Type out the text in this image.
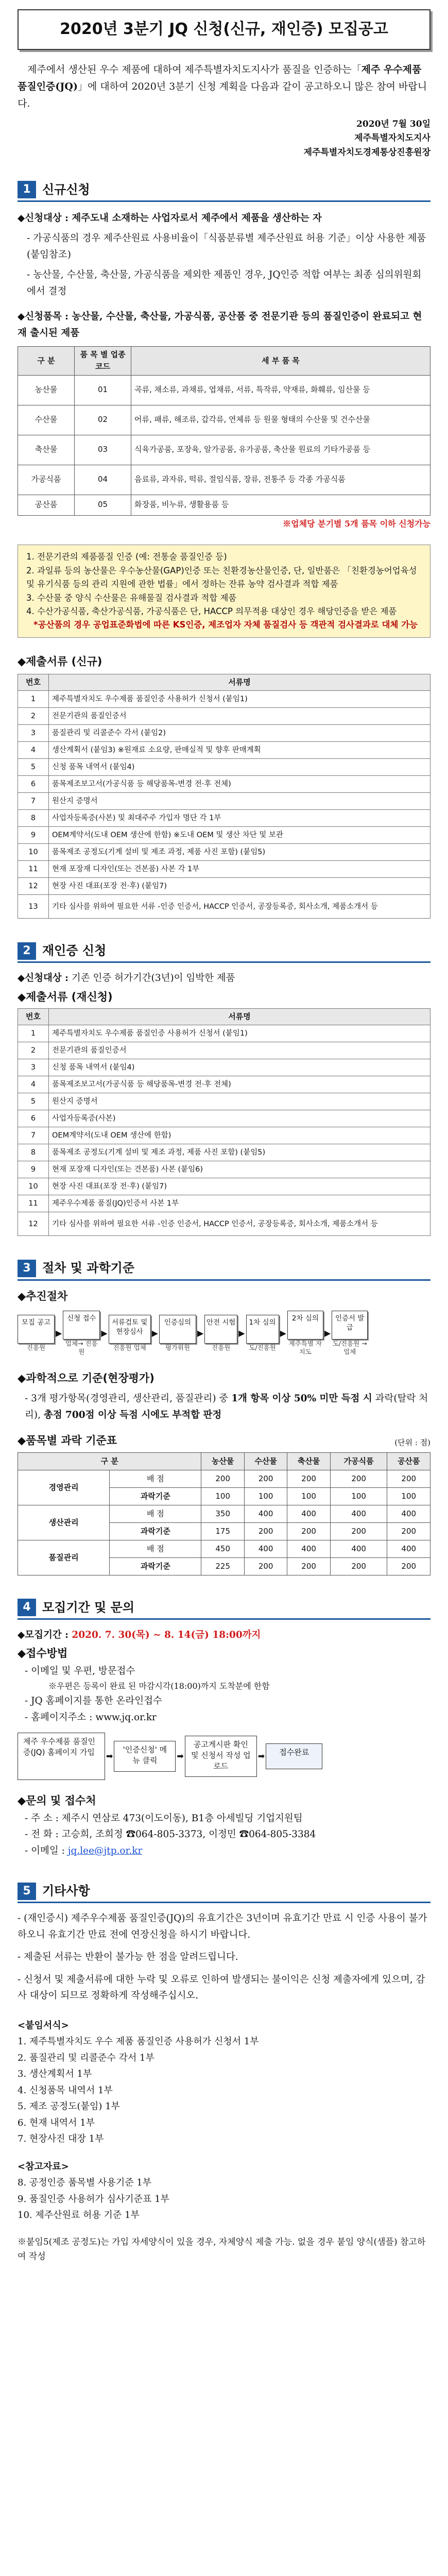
2020년 3분기 JQ 신청(신규, 재인증) 모집공고
제주에서 생산된 우수 제품에 대하여 제주특별자치도지사가 품질을 인증하는「제주 우수제품 품질인증(JQ)」에 대하여 2020년 3분기 신청 계획을 다음과 같이 공고하오니 많은 참여 바랍니다.
2020년 7월 30일
제주특별자치도지사
제주특별자치도경제통상진흥원장
1 신규신청
◆신청대상 : 제주도내 소재하는 사업자로서 제주에서 제품을 생산하는 자
- 가공식품의 경우 제주산원료 사용비율이「식품분류별 제주산원료 허용 기준」이상 사용한 제품(붙임참조)
- 농산물, 수산물, 축산물, 가공식품을 제외한 제품인 경우, JQ인증 적합 여부는 최종 심의위원회에서 결정
◆신청품목 : 농산물, 수산물, 축산물, 가공식품, 공산품 중 전문기관 등의 품질인증이 완료되고 현재 출시된 제품
구 분	품 목 별 업종코드	세 부 품 목
농산물	01	곡류, 채소류, 과채류, 엽채류, 서류, 특작류, 약재류, 화훼류, 임산물 등
수산물	02	어류, 패류, 해조류, 갑각류, 연체류 등 원물 형태의 수산물 및 건수산물
축산물	03	식육가공품, 포장육, 알가공품, 유가공품, 축산물 원료의 기타가공품 등
가공식품	04	음료류, 과자류, 떡류, 절임식품, 장류, 전통주 등 각종 가공식품
공산품	05	화장품, 비누류, 생활용품 등
※업체당 분기별 5개 품목 이하 신청가능
1. 전문기관의 제품품질 인증 (예: 전통술 품질인증 등)
2. 과일류 등의 농산물은 우수농산물(GAP)인증 또는 친환경농산물인증, 단, 일반품은 「친환경농어업육성 및 유기식품 등의 관리 지원에 관한 법률」에서 정하는 잔류 농약 검사결과 적합 제품
3. 수산물 중 양식 수산물은 유해물질 검사결과 적합 제품
4. 수산가공식품, 축산가공식품, 가공식품은 단, HACCP 의무적용 대상인 경우 해당인증을 받은 제품
*공산품의 경우 공업표준화법에 따른 KS인증, 제조업자 자체 품질검사 등 객관적 검사결과로 대체 가능
◆제출서류 (신규)
번호	서류명
1	제주특별자치도 우수제품 품질인증 사용허가 신청서 (붙임1)
2	전문기관의 품질인증서
3	품질관리 및 리콜준수 각서 (붙임2)
4	생산계획서 (붙임3) ※원재료 소요량, 판매실적 및 향후 판매계획
5	신청 품목 내역서 (붙임4)
6	품목제조보고서(가공식품 등 해당품목-변경 전·후 전체)
7	원산지 증명서
8	사업자등록증(사본) 및 최대주주 가입자 명단 각 1부
9	OEM계약서(도내 OEM 생산에 한함) ※도내 OEM 및 생산 차단 및 보관
10	품목제조 공정도(기계 설비 및 제조 과정, 제품 사진 포함) (붙임5)
11	현재 포장재 디자인(또는 견본품) 사본 각 1부
12	현장 사진 대표(포장 전·후) (붙임7)
13	기타 심사를 위하여 필요한 서류 -인증 인증서, HACCP 인증서, 공장등록증, 회사소개, 제품소개서 등
2 재인증 신청
◆신청대상 : 기존 인증 허가기간(3년)이 임박한 제품
◆제출서류 (재신청)
번호	서류명
1	제주특별자치도 우수제품 품질인증 사용허가 신청서 (붙임1)
2	전문기관의 품질인증서
3	신청 품목 내역서 (붙임4)
4	품목제조보고서(가공식품 등 해당품목-변경 전·후 전체)
5	원산지 증명서
6	사업자등록증(사본)
7	OEM계약서(도내 OEM 생산에 한함)
8	품목제조 공정도(기계 설비 및 제조 과정, 제품 사진 포함) (붙임5)
9	현재 포장재 디자인(또는 견본품) 사본 (붙임6)
10	현장 사진 대표(포장 전·후) (붙임7)
11	제주우수제품 품질(JQ)인증서 사본 1부
12	기타 심사를 위하여 필요한 서류 -인증 인증서, HACCP 인증서, 공장등록증, 회사소개, 제품소개서 등
3 절차 및 과학기준
◆추진절차
모집 공고
진흥원
▶
신청 접수
업체→ 진흥원
▶
서류검토 및 현장심사
진흥원 업체
▶
인증심의
평가위원
▶
안전 시험
진흥원
▶
1차 심의
도/진흥원
▶
2차 심의
제주특별 자치도
▶
인증서 발급
도/진흥원 →업체
◆과학적으로 기준(현장평가)
- 3개 평가항목(경영관리, 생산관리, 품질관리) 중 1개 항목 이상 50% 미만 득점 시 과락(탈락 처리), 총점 700점 이상 득점 시에도 부적합 판정
◆품목별 과락 기준표	(단위 : 점)
구 분		농산물	수산물	축산물	가공식품	공산품
경영관리	배 점	200	200	200	200	200
	과락기준	100	100	100	100	100
생산관리	배 점	350	400	400	400	400
	과락기준	175	200	200	200	200
품질관리	배 점	450	400	400	400	400
	과락기준	225	200	200	200	200
4 모집기간 및 문의
◆모집기간 : 2020. 7. 30(목) ~ 8. 14(금) 18:00까지
◆접수방법
- 이메일 및 우편, 방문접수
※우편은 등록이 완료 된 마감시각(18:00)까지 도착분에 한함
- JQ 홈페이지를 통한 온라인접수
- 홈페이지주소 : www.jq.or.kr
제주 우수제품 품질인증(JQ) 홈페이지 가입	➡
'인증신청' 메뉴 클릭	➡
공고게시판 확인 및 신청서 작성 업로드
➡	접수완료
◆문의 및 접수처
- 주 소 : 제주시 연삼로 473(이도이동), B1층 아세빌딩 기업지원팀
- 전 화 : 고승희, 조희정 ☎064-805-3373, 이정민 ☎064-805-3384
- 이메일 : jq.lee@jtp.or.kr
5 기타사항
- (재인증시) 제주우수제품 품질인증(JQ)의 유효기간은 3년이며 유효기간 만료 시 인증 사용이 불가하오니 유효기간 만료 전에 연장신청을 하시기 바랍니다.
- 제출된 서류는 반환이 불가능 한 점을 알려드립니다.
- 신청서 및 제출서류에 대한 누락 및 오류로 인하여 발생되는 불이익은 신청 제출자에게 있으며, 감사 대상이 되므로 정확하게 작성해주십시오.
<붙임서식>
1. 제주특별자치도 우수 제품 품질인증 사용허가 신청서 1부
2. 품질관리 및 리콜준수 각서 1부
3. 생산계획서 1부
4. 신청품목 내역서 1부
5. 제조 공정도(붙임) 1부
6. 현재 내역서 1부
7. 현장사진 대장 1부
<참고자료>
8. 공정인증 품목별 사용기준 1부
9. 품질인증 사용허가 심사기준표 1부
10. 제주산원료 허용 기준 1부
※붙임5(제조 공정도)는 가입 자세양식이 있을 경우, 자체양식 제출 가능. 없을 경우 붙임 양식(샘플) 참고하여 작성
